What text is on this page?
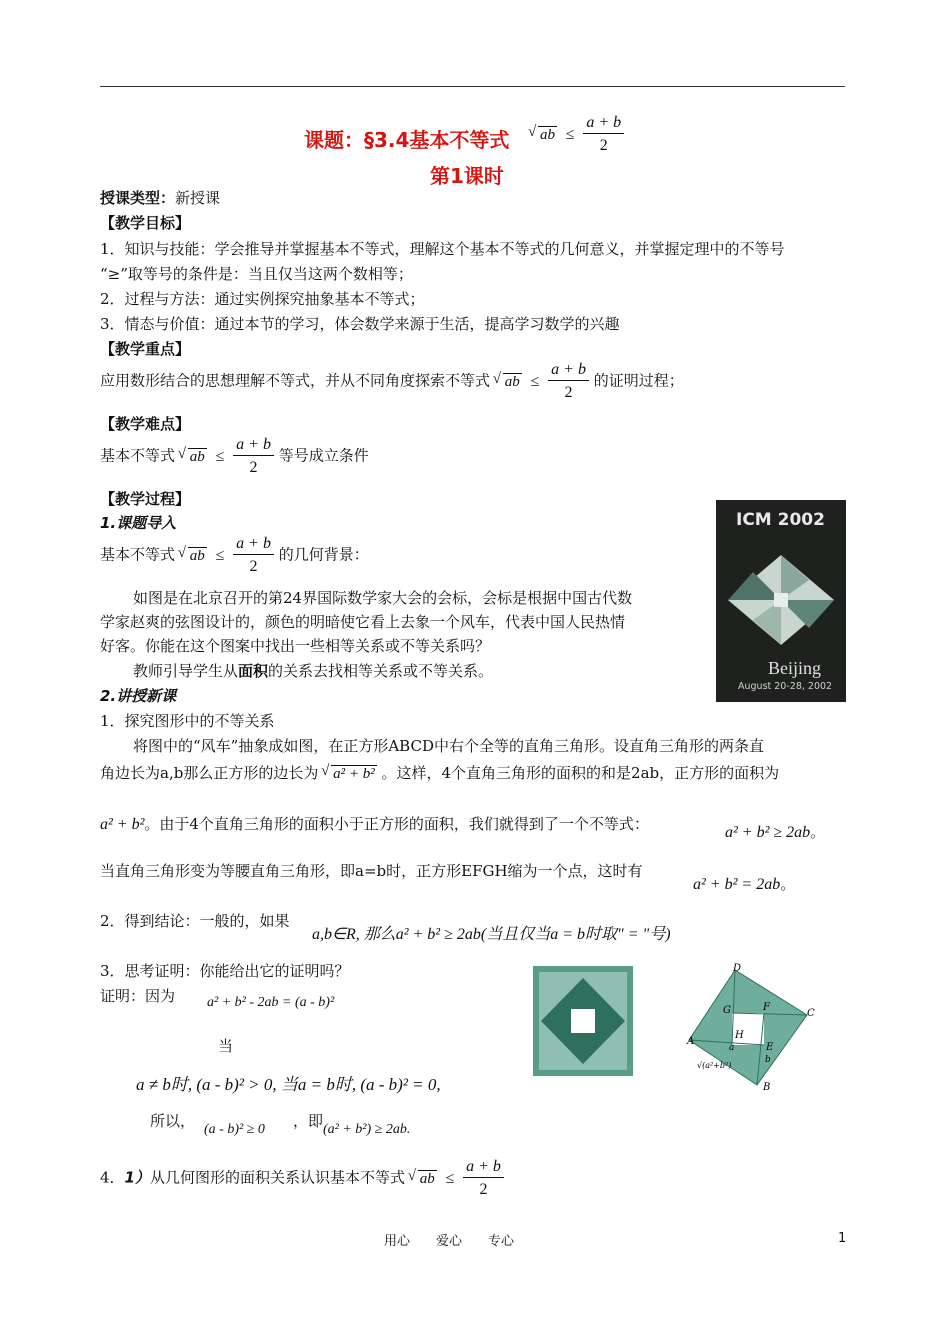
课题：§3.4基本不等式	√ ab ≤ $\frac{a + b}{2}$
第1课时
授课类型：新授课
【教学目标】
1．知识与技能：学会推导并掌握基本不等式，理解这个基本不等式的几何意义，并掌握定理中的不等号
“≥”取等号的条件是：当且仅当这两个数相等；
2．过程与方法：通过实例探究抽象基本不等式；
3．情态与价值：通过本节的学习，体会数学来源于生活，提高学习数学的兴趣
【教学重点】
应用数形结合的思想理解不等式，并从不同角度探索不等式 √ ab ≤ $\frac{a + b}{2}$ 的证明过程；
【教学难点】
基本不等式 √ ab ≤ $\frac{a + b}{2}$ 等号成立条件
【教学过程】
1.课题导入
基本不等式 √ ab ≤ $\frac{a + b}{2}$ 的几何背景：
如图是在北京召开的第24界国际数学家大会的会标，会标是根据中国古代数
学家赵爽的弦图设计的，颜色的明暗使它看上去象一个风车，代表中国人民热情
好客。你能在这个图案中找出一些相等关系或不等关系吗？
教师引导学生从面积的关系去找相等关系或不等关系。
ICM 2002
Beijing
August 20-28, 2002
2.讲授新课
1．探究图形中的不等关系
将图中的“风车”抽象成如图，在正方形ABCD中右个全等的直角三角形。设直角三角形的两条直
角边长为a,b那么正方形的边长为 √ a² + b² 。这样，4个直角三角形的面积的和是2ab，正方形的面积为
a² + b²。由于4个直角三角形的面积小于正方形的面积，我们就得到了一个不等式：	a² + b² ≥ 2ab。
当直角三角形变为等腰直角三角形，即a=b时，正方形EFGH缩为一个点，这时有
a² + b² = 2ab。
2．得到结论：一般的，如果
a,b∈R, 那么a² + b² ≥ 2ab(当且仅当a = b时取" = "号)
3．思考证明：你能给出它的证明吗？
证明：因为 a² + b² - 2ab = (a - b)²
当
a ≠ b时, (a - b)² > 0, 当a = b时, (a - b)² = 0,
所以， (a - b)² ≥ 0 ，即 (a² + b²) ≥ 2ab.
D
C
G	F
H
A
E
B
a
b
√(a²+b²)
4．1）从几何图形的面积关系认识基本不等式 √ ab ≤ $\frac{a + b}{2}$
用心　　爱心　　专心	1
